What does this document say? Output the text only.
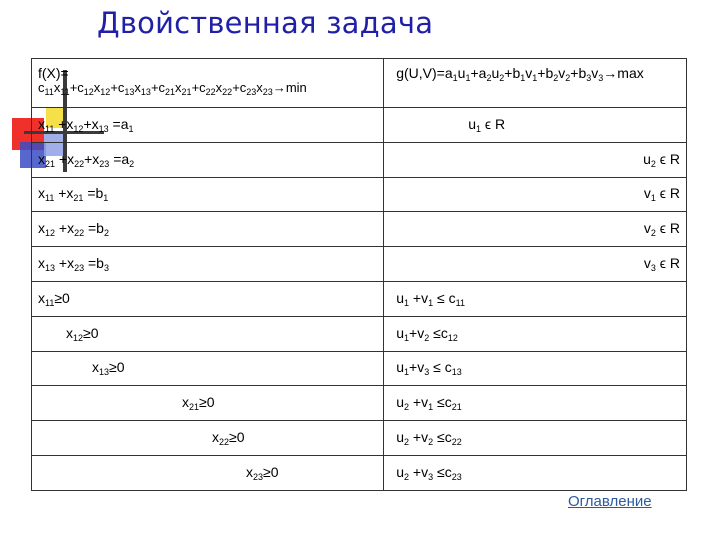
Двойственная задача
f(X)=
$c_{11}x_{11}+c_{12}x_{12}+c_{13}x_{13}+c_{21}x_{21}+c_{22}x_{22}+c_{23}x_{23}\to\min$	$g(U,V)=a_1u_1+a_2u_2+b_1v_1+b_2v_2+b_3v_3\to\max$
$x_{11} +x_{12}+x_{13} =a_1$	$u_1$ ϵ R
$x_{21} +x_{22}+x_{23} =a_2$	$u_2$ ϵ R
$x_{11} +x_{21} =b_1$	$v_1$ ϵ R
$x_{12} +x_{22} =b_2$	$v_2$ ϵ R
$x_{13} +x_{23} =b_3$	$v_3$ ϵ R
$x_{11}\ge 0$	$u_1 +v_1 \le c_{11}$
$x_{12}\ge 0$	$u_1+v_2 \le c_{12}$
$x_{13}\ge 0$	$u_1+v_3 \le c_{13}$
$x_{21}\ge 0$	$u_2 +v_1 \le c_{21}$
$x_{22}\ge 0$	$u_2 +v_2 \le c_{22}$
$x_{23}\ge 0$	$u_2 +v_3 \le c_{23}$
Оглавление
